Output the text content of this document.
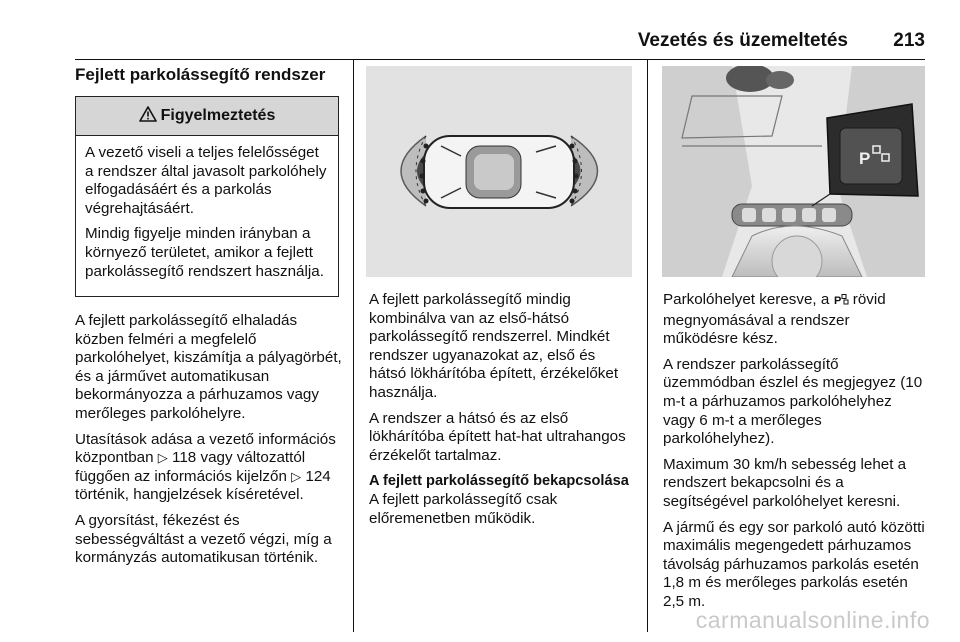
Vezetés és üzemeltetés 213
Fejlett parkolássegítő rendszer
Figyelmeztetés

A vezető viseli a teljes felelősséget a rendszer által javasolt parkolóhely elfogadásáért és a parkolás végrehajtásáért.

Mindig figyelje minden irányban a környező területet, amikor a fejlett parkolássegítő rendszert használja.

A fejlett parkolássegítő elhaladás közben felméri a megfelelő parkolóhelyet, kiszámítja a pályagörbét, és a járművet automatikusan bekormányozza a párhuzamos vagy merőleges parkolóhelyre.

Utasítások adása a vezető információs központban ▷ 118 vagy változattól függően az információs kijelzőn ▷ 124 történik, hangjelzések kíséretével.

A gyorsítást, fékezést és sebességváltást a vezető végzi, míg a kormányzás automatikusan történik.

A fejlett parkolássegítő mindig kombinálva van az első-hátsó parkolássegítő rendszerrel. Mindkét rendszer ugyanazokat az, első és hátsó lökhárítóba épített, érzékelőket használja.

A rendszer a hátsó és az első lökhárítóba épített hat-hat ultrahangos érzékelőt tartalmaz.

A fejlett parkolássegítő bekapcsolása

A fejlett parkolássegítő csak előremenetben működik.

P

Parkolóhelyet keresve, a P rövid megnyomásával a rendszer működésre kész.

A rendszer parkolássegítő üzemmódban észlel és megjegyez (10 m-t a párhuzamos parkolóhelyhez vagy 6 m-t a merőleges parkolóhelyhez).

Maximum 30 km/h sebesség lehet a rendszert bekapcsolni és a segítségével parkolóhelyet keresni.

A jármű és egy sor parkoló autó közötti maximális megengedett párhuzamos távolság párhuzamos parkolás esetén 1,8 m és merőleges parkolás esetén 2,5 m.

carmanualsonline.info
